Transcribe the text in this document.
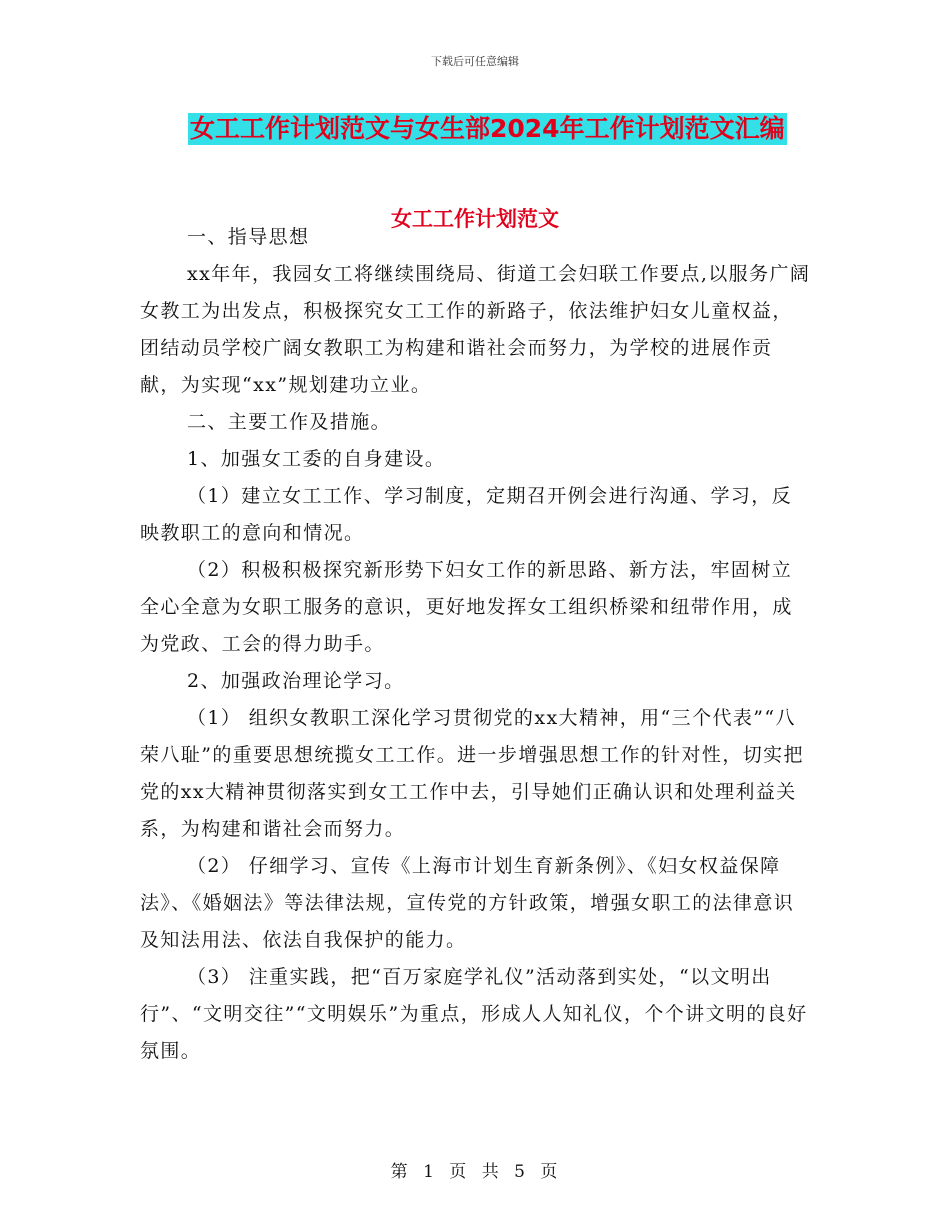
下载后可任意编辑
女工工作计划范文与女生部2024年工作计划范文汇编
女工工作计划范文

一、指导思想

xx年年，我园女工将继续围绕局、街道工会妇联工作要点,以服务广阔女教工为出发点，积极探究女工工作的新路子，依法维护妇女儿童权益，团结动员学校广阔女教职工为构建和谐社会而努力，为学校的进展作贡献，为实现“xx”规划建功立业。

二、主要工作及措施。

1、加强女工委的自身建设。

（1）建立女工工作、学习制度，定期召开例会进行沟通、学习，反映教职工的意向和情况。

（2）积极积极探究新形势下妇女工作的新思路、新方法，牢固树立全心全意为女职工服务的意识，更好地发挥女工组织桥梁和纽带作用，成为党政、工会的得力助手。

2、加强政治理论学习。

（1） 组织女教职工深化学习贯彻党的xx大精神，用“三个代表”“八荣八耻”的重要思想统揽女工工作。进一步增强思想工作的针对性，切实把党的xx大精神贯彻落实到女工工作中去，引导她们正确认识和处理利益关系，为构建和谐社会而努力。

（2） 仔细学习、宣传《上海市计划生育新条例》、《妇女权益保障法》、《婚姻法》等法律法规，宣传党的方针政策，增强女职工的法律意识及知法用法、依法自我保护的能力。

（3） 注重实践，把“百万家庭学礼仪”活动落到实处，“以文明出行”、“文明交往”“文明娱乐”为重点，形成人人知礼仪，个个讲文明的良好氛围。

第 1 页 共 5 页
